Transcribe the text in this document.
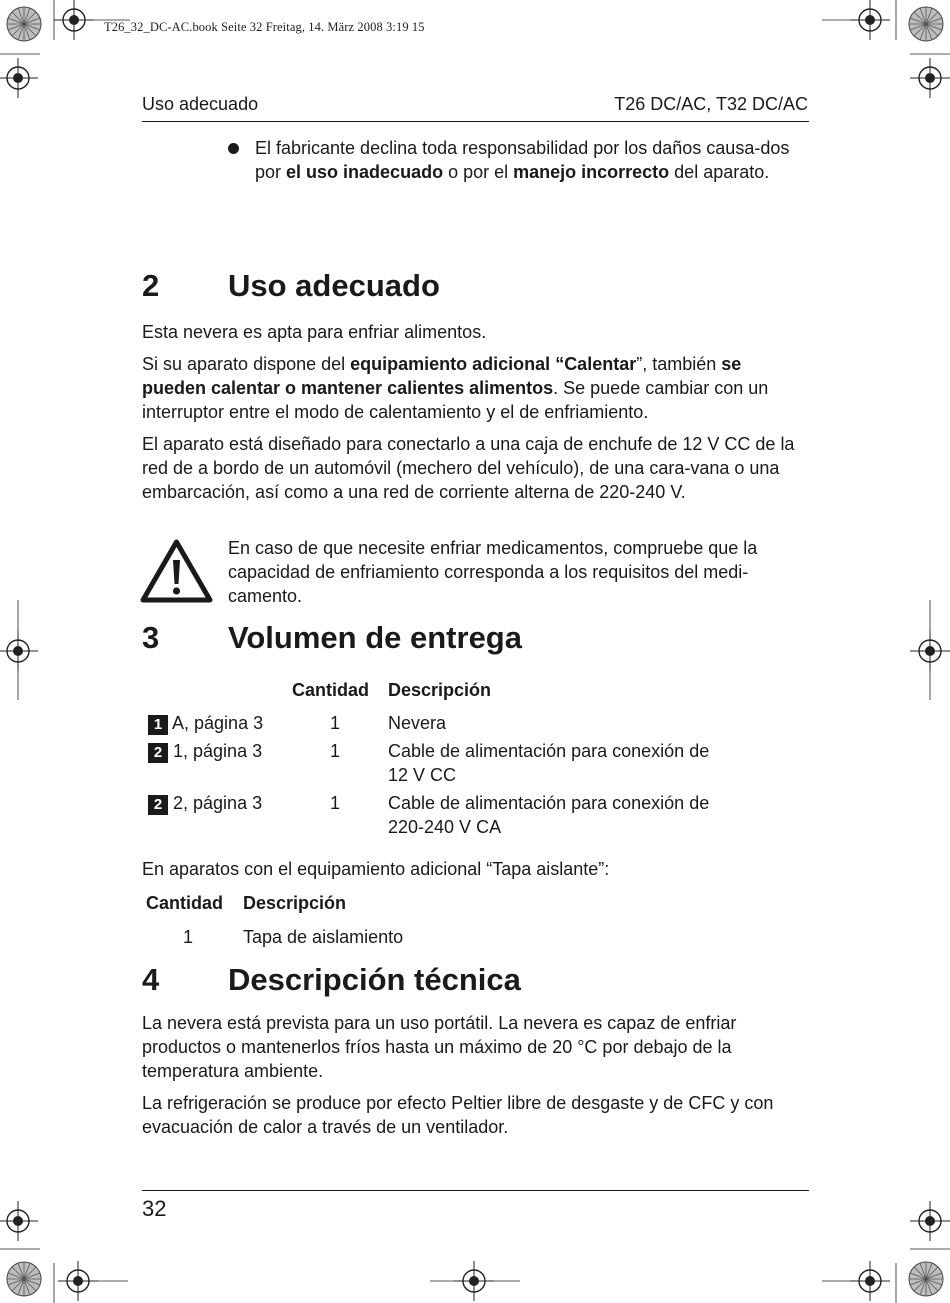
T26_32_DC-AC.book Seite 32 Freitag, 14. März 2008 3:19 15
Uso adecuado	T26 DC/AC, T32 DC/AC

El fabricante declina toda responsabilidad por los daños causa-dos por el uso inadecuado o por el manejo incorrecto del aparato.

2 Uso adecuado

Esta nevera es apta para enfriar alimentos.

Si su aparato dispone del equipamiento adicional “Calentar”, también se pueden calentar o mantener calientes alimentos. Se puede cambiar con un interruptor entre el modo de calentamiento y el de enfriamiento.

El aparato está diseñado para conectarlo a una caja de enchufe de 12 V CC de la red de a bordo de un automóvil (mechero del vehículo), de una cara-vana o una embarcación, así como a una red de corriente alterna de 220-240 V.

En caso de que necesite enfriar medicamentos, compruebe que la capacidad de enfriamiento corresponda a los requisitos del medi-camento.

3 Volumen de entrega
Cantidad Descripción
1 A, página 3	1	Nevera
2 1, página 3	1	Cable de alimentación para conexión de
12 V CC
2 2, página 3	1	Cable de alimentación para conexión de
220-240 V CA

En aparatos con el equipamiento adicional “Tapa aislante”:

Cantidad Descripción
1	Tapa de aislamiento
4 Descripción técnica

La nevera está prevista para un uso portátil. La nevera es capaz de enfriar productos o mantenerlos fríos hasta un máximo de 20 °C por debajo de la temperatura ambiente.

La refrigeración se produce por efecto Peltier libre de desgaste y de CFC y con evacuación de calor a través de un ventilador.

32
